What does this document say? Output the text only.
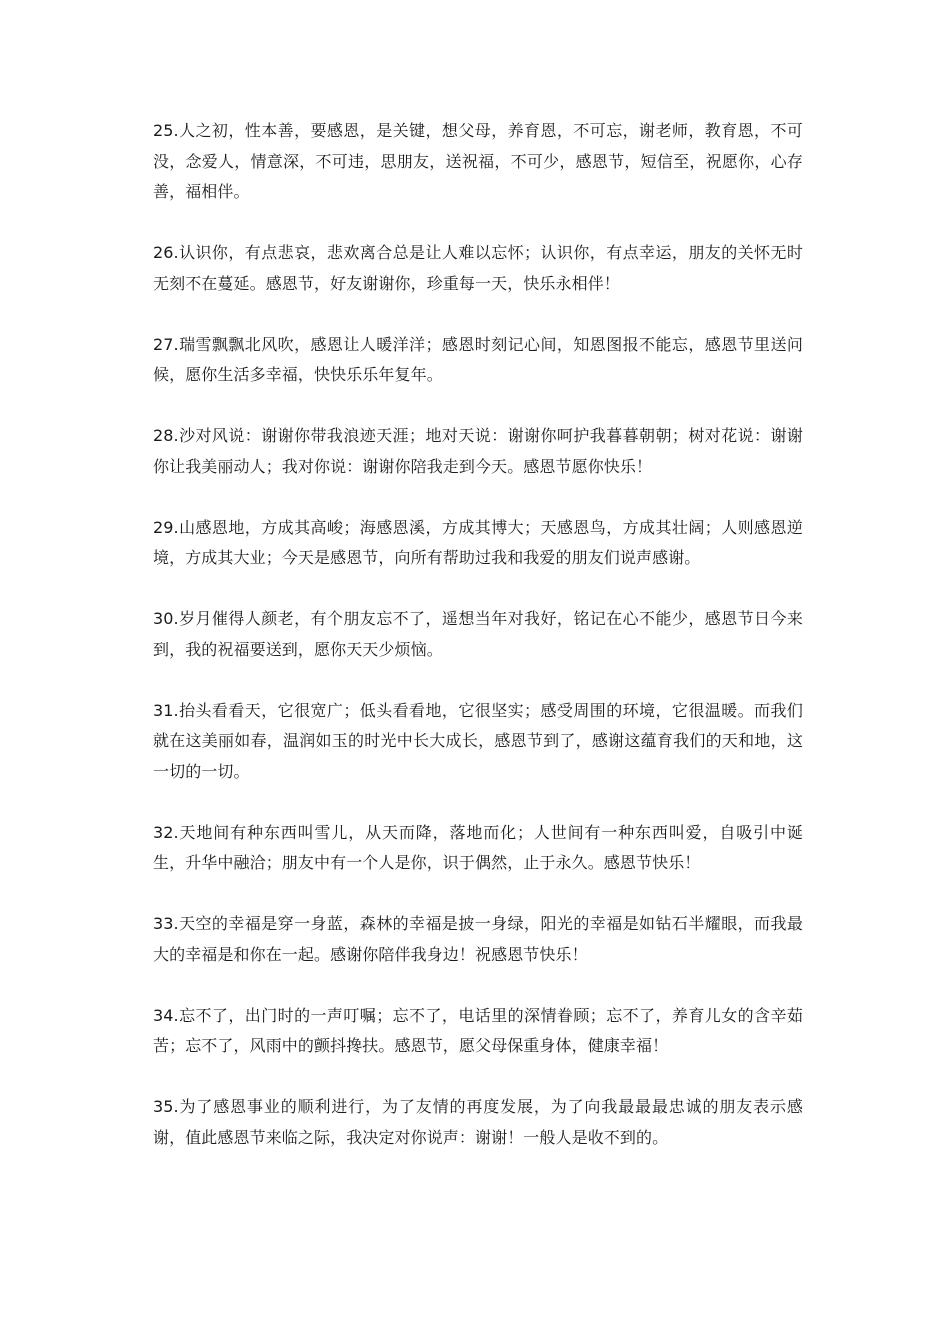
25.人之初，性本善，要感恩，是关键，想父母，养育恩，不可忘，谢老师，教育恩，不可没，念爱人，情意深，不可违，思朋友，送祝福，不可少，感恩节，短信至，祝愿你，心存善，福相伴。

26.认识你，有点悲哀，悲欢离合总是让人难以忘怀；认识你，有点幸运，朋友的关怀无时无刻不在蔓延。感恩节，好友谢谢你，珍重每一天，快乐永相伴！

27.瑞雪飘飘北风吹，感恩让人暖洋洋；感恩时刻记心间，知恩图报不能忘，感恩节里送问候，愿你生活多幸福，快快乐乐年复年。

28.沙对风说：谢谢你带我浪迹天涯；地对天说：谢谢你呵护我暮暮朝朝；树对花说：谢谢你让我美丽动人；我对你说：谢谢你陪我走到今天。感恩节愿你快乐！

29.山感恩地，方成其高峻；海感恩溪，方成其博大；天感恩鸟，方成其壮阔；人则感恩逆境，方成其大业；今天是感恩节，向所有帮助过我和我爱的朋友们说声感谢。

30.岁月催得人颜老，有个朋友忘不了，遥想当年对我好，铭记在心不能少，感恩节日今来到，我的祝福要送到，愿你天天少烦恼。

31.抬头看看天，它很宽广；低头看看地，它很坚实；感受周围的环境，它很温暖。而我们就在这美丽如春，温润如玉的时光中长大成长，感恩节到了，感谢这蕴育我们的天和地，这一切的一切。

32.天地间有种东西叫雪儿，从天而降，落地而化；人世间有一种东西叫爱，自吸引中诞生，升华中融洽；朋友中有一个人是你，识于偶然，止于永久。感恩节快乐！

33.天空的幸福是穿一身蓝，森林的幸福是披一身绿，阳光的幸福是如钻石半耀眼，而我最大的幸福是和你在一起。感谢你陪伴我身边！祝感恩节快乐！

34.忘不了，出门时的一声叮嘱；忘不了，电话里的深情眷顾；忘不了，养育儿女的含辛茹苦；忘不了，风雨中的颤抖搀扶。感恩节，愿父母保重身体，健康幸福！

35.为了感恩事业的顺利进行，为了友情的再度发展，为了向我最最最忠诚的朋友表示感谢，值此感恩节来临之际，我决定对你说声：谢谢！一般人是收不到的。
